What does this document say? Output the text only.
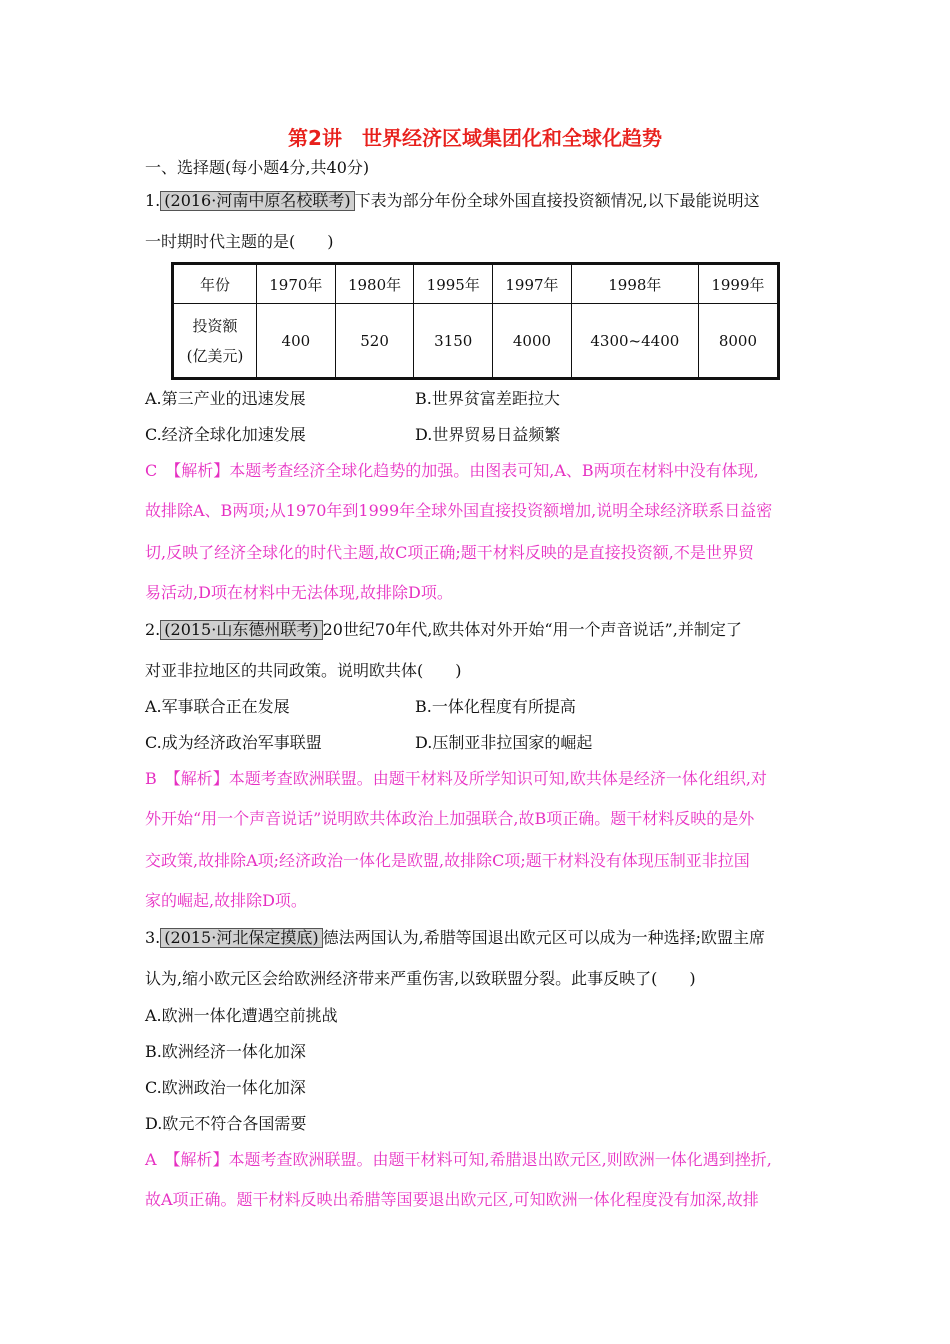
第2讲　世界经济区域集团化和全球化趋势
一、选择题(每小题4分,共40分)
1. (2016·河南中原名校联考) 下表为部分年份全球外国直接投资额情况,以下最能说明这
一时期时代主题的是(　　)
年份	1970年	1980年	1995年	1997年	1998年	1999年

投资额
(亿美元)	400	520	3150	4000	4300~4400	8000
A.第三产业的迅速发展	B.世界贫富差距拉大
C.经济全球化加速发展	D.世界贸易日益频繁
C　【解析】本题考查经济全球化趋势的加强。由图表可知,A、B两项在材料中没有体现,
故排除A、B两项;从1970年到1999年全球外国直接投资额增加,说明全球经济联系日益密
切,反映了经济全球化的时代主题,故C项正确;题干材料反映的是直接投资额,不是世界贸
易活动,D项在材料中无法体现,故排除D项。
2. (2015·山东德州联考) 20世纪70年代,欧共体对外开始“用一个声音说话”,并制定了
对亚非拉地区的共同政策。说明欧共体(　　)
A.军事联合正在发展	B.一体化程度有所提高
C.成为经济政治军事联盟	D.压制亚非拉国家的崛起
B　【解析】本题考查欧洲联盟。由题干材料及所学知识可知,欧共体是经济一体化组织,对
外开始“用一个声音说话”说明欧共体政治上加强联合,故B项正确。题干材料反映的是外
交政策,故排除A项;经济政治一体化是欧盟,故排除C项;题干材料没有体现压制亚非拉国
家的崛起,故排除D项。
3. (2015·河北保定摸底) 德法两国认为,希腊等国退出欧元区可以成为一种选择;欧盟主席
认为,缩小欧元区会给欧洲经济带来严重伤害,以致联盟分裂。此事反映了(　　)
A.欧洲一体化遭遇空前挑战
B.欧洲经济一体化加深
C.欧洲政治一体化加深
D.欧元不符合各国需要
A　【解析】本题考查欧洲联盟。由题干材料可知,希腊退出欧元区,则欧洲一体化遇到挫折,
故A项正确。题干材料反映出希腊等国要退出欧元区,可知欧洲一体化程度没有加深,故排
